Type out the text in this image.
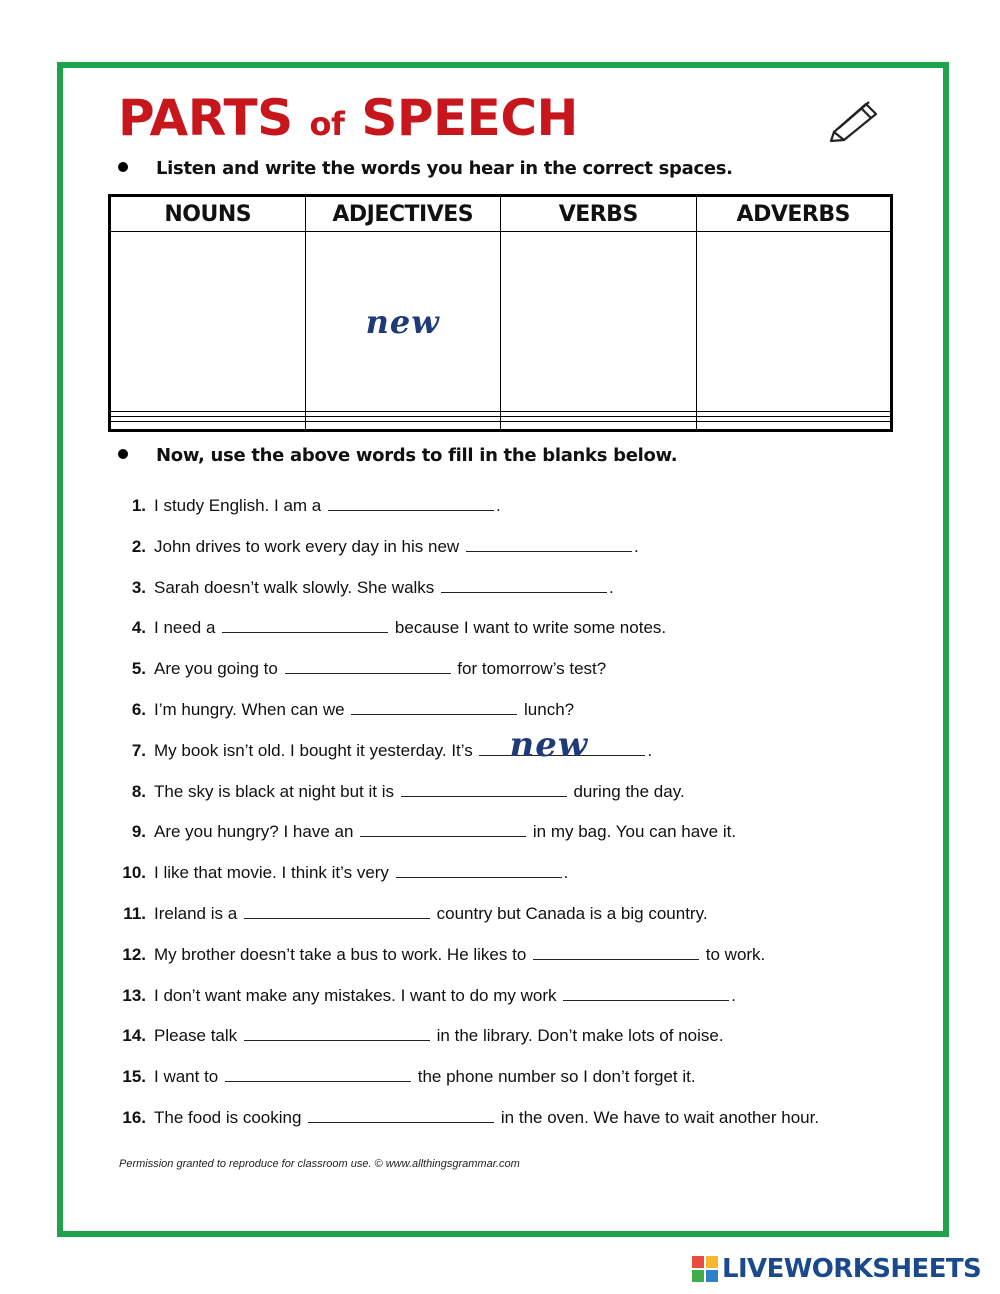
PARTS of SPEECH
Listen and write the words you hear in the correct spaces.
NOUNS	ADJECTIVES	VERBS	ADVERBS
	new		

Now, use the above words to fill in the blanks below.
1. I study English. I am a	.
2. John drives to work every day in his new	.
3. Sarah doesn’t walk slowly. She walks	.
4. I need a	because I want to write some notes.
5. Are you going to	for tomorrow’s test?
6. I’m hungry. When can we	lunch?
7. My book isn’t old. I bought it yesterday. It’s new	.
8. The sky is black at night but it is	during the day.
9. Are you hungry? I have an	in my bag. You can have it.
10. I like that movie. I think it’s very	.
11. Ireland is a	country but Canada is a big country.
12. My brother doesn’t take a bus to work. He likes to	to work.
13. I don’t want make any mistakes. I want to do my work	.
14. Please talk	in the library. Don’t make lots of noise.
15. I want to	the phone number so I don’t forget it.
16. The food is cooking	in the oven. We have to wait another hour.
Permission granted to reproduce for classroom use. © www.allthingsgrammar.com
LIVEWORKSHEETS
